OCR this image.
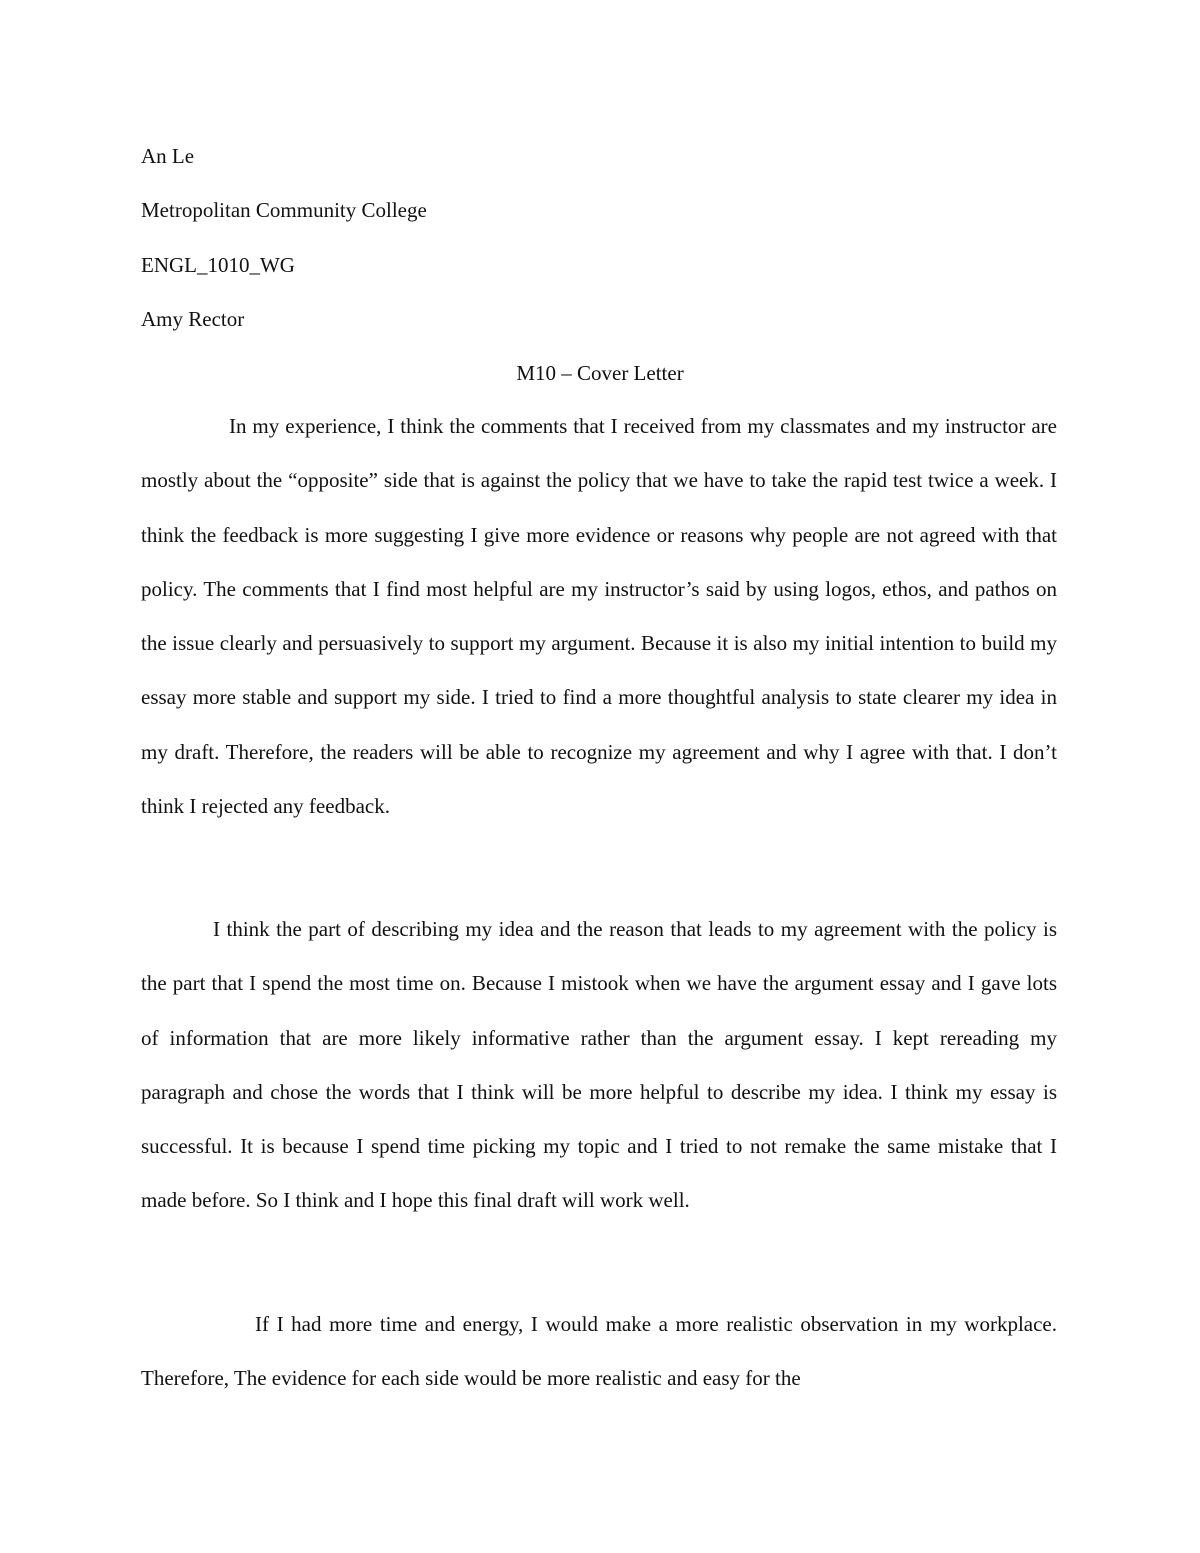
An Le
Metropolitan Community College
ENGL_1010_WG
Amy Rector
M10 – Cover Letter

In my experience, I think the comments that I received from my classmates and my instructor are mostly about the “opposite” side that is against the policy that we have to take the rapid test twice a week. I think the feedback is more suggesting I give more evidence or reasons why people are not agreed with that policy. The comments that I find most helpful are my instructor’s said by using logos, ethos, and pathos on the issue clearly and persuasively to support my argument. Because it is also my initial intention to build my essay more stable and support my side. I tried to find a more thoughtful analysis to state clearer my idea in my draft. Therefore, the readers will be able to recognize my agreement and why I agree with that. I don’t think I rejected any feedback.

I think the part of describing my idea and the reason that leads to my agreement with the policy is the part that I spend the most time on. Because I mistook when we have the argument essay and I gave lots of information that are more likely informative rather than the argument essay. I kept rereading my paragraph and chose the words that I think will be more helpful to describe my idea. I think my essay is successful. It is because I spend time picking my topic and I tried to not remake the same mistake that I made before. So I think and I hope this final draft will work well.

If I had more time and energy, I would make a more realistic observation in my workplace. Therefore, The evidence for each side would be more realistic and easy for the
